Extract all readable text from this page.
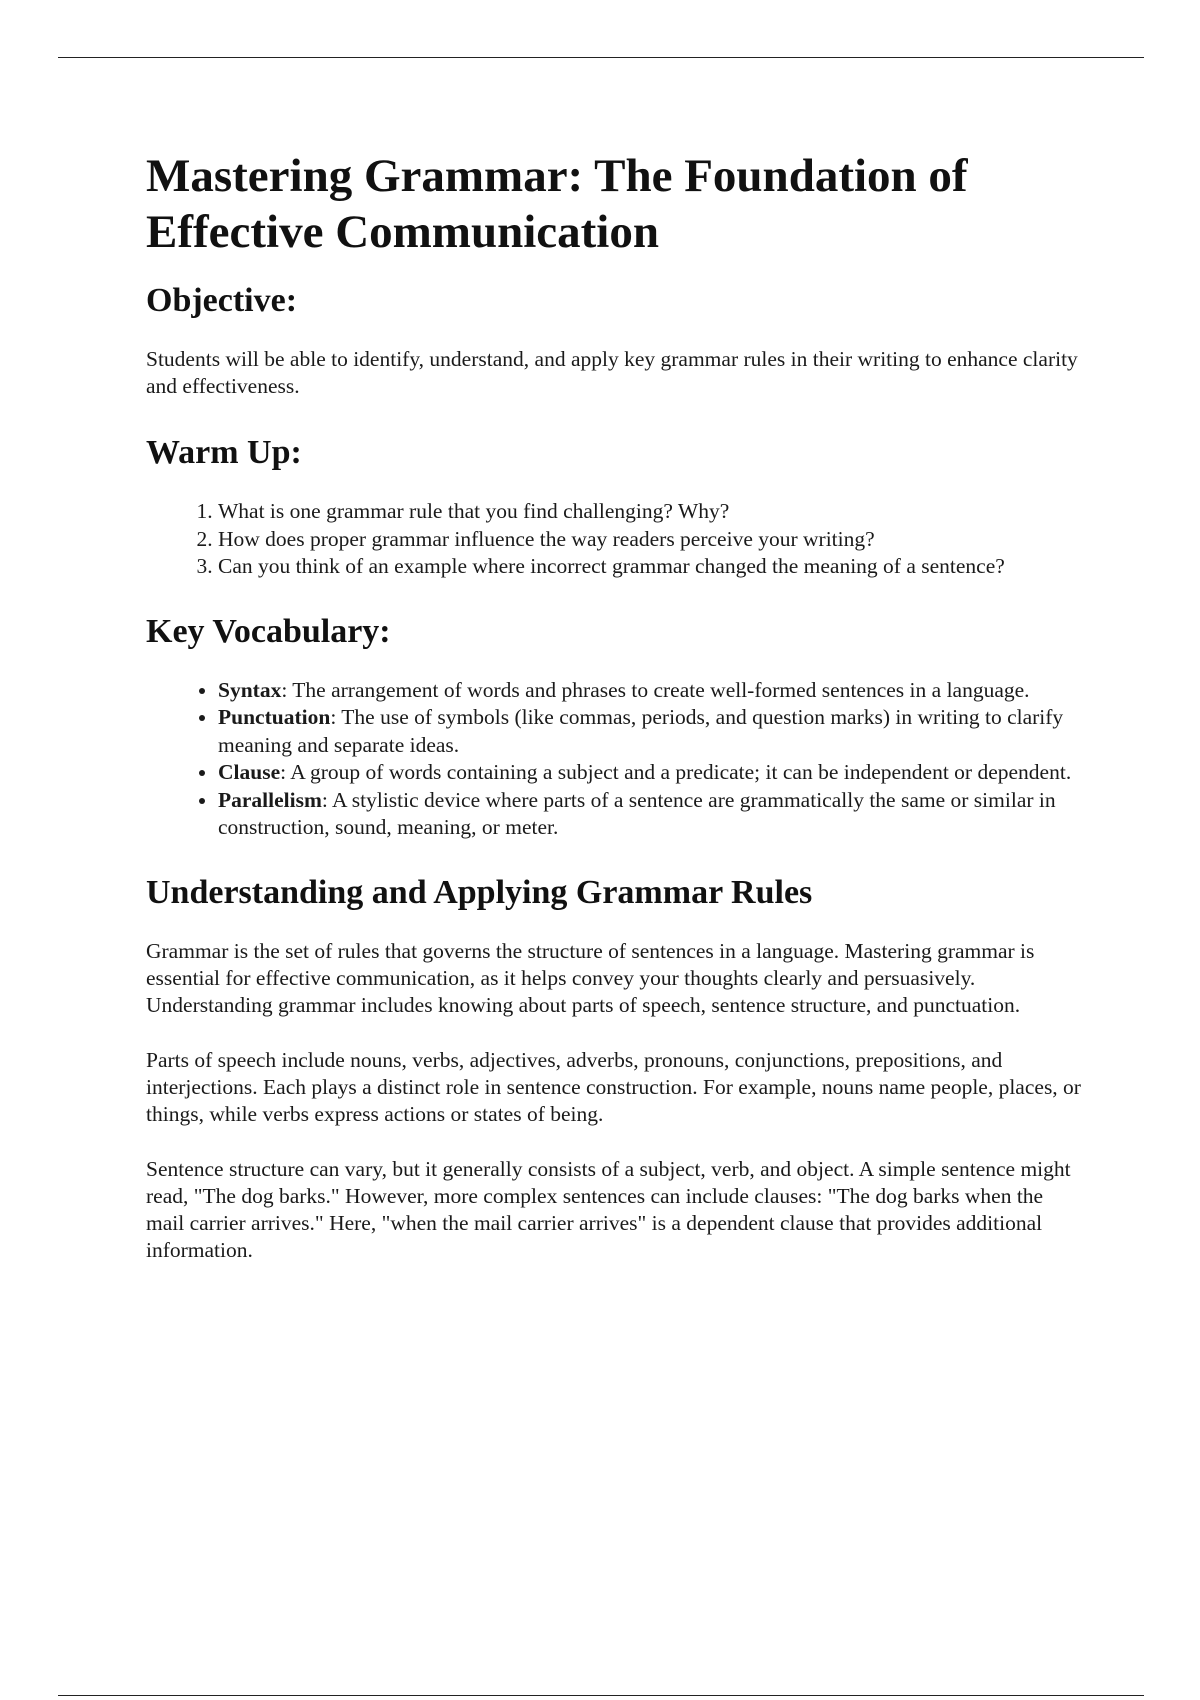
Mastering Grammar: The Foundation of Effective Communication
Objective:

Students will be able to identify, understand, and apply key grammar rules in their writing to enhance clarity and effectiveness.

Warm Up:
1. What is one grammar rule that you find challenging? Why?
2. How does proper grammar influence the way readers perceive your writing?
3. Can you think of an example where incorrect grammar changed the meaning of a sentence?
Key Vocabulary:
• Syntax: The arrangement of words and phrases to create well-formed sentences in a language.
• Punctuation: The use of symbols (like commas, periods, and question marks) in writing to clarify meaning and separate ideas.
• Clause: A group of words containing a subject and a predicate; it can be independent or dependent.
• Parallelism: A stylistic device where parts of a sentence are grammatically the same or similar in construction, sound, meaning, or meter.
Understanding and Applying Grammar Rules

Grammar is the set of rules that governs the structure of sentences in a language. Mastering grammar is essential for effective communication, as it helps convey your thoughts clearly and persuasively. Understanding grammar includes knowing about parts of speech, sentence structure, and punctuation.

Parts of speech include nouns, verbs, adjectives, adverbs, pronouns, conjunctions, prepositions, and interjections. Each plays a distinct role in sentence construction. For example, nouns name people, places, or things, while verbs express actions or states of being.

Sentence structure can vary, but it generally consists of a subject, verb, and object. A simple sentence might read, "The dog barks." However, more complex sentences can include clauses: "The dog barks when the mail carrier arrives." Here, "when the mail carrier arrives" is a dependent clause that provides additional information.
